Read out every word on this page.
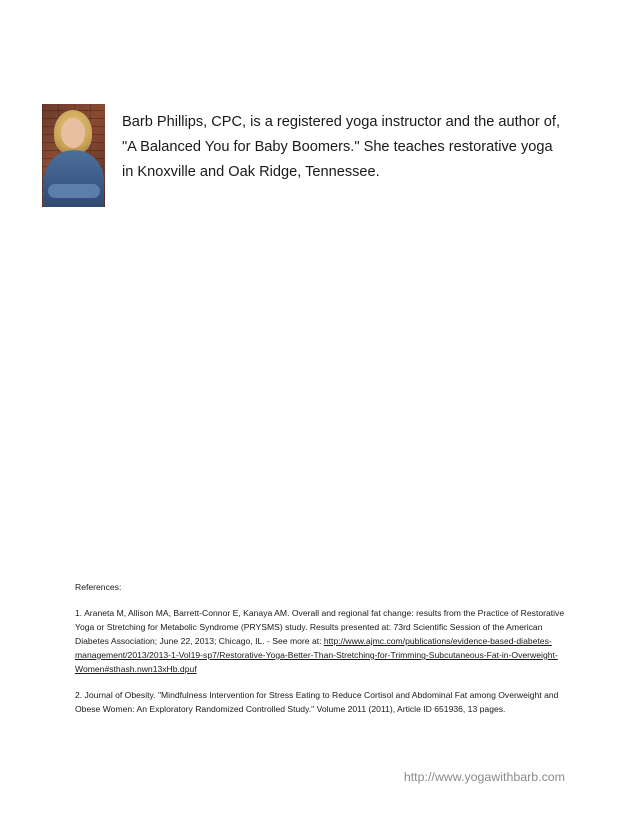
Barb Phillips, CPC, is a registered yoga instructor and the author of, "A Balanced You for Baby Boomers." She teaches restorative yoga in Knoxville and Oak Ridge, Tennessee.

References:

1. Araneta M, Allison MA, Barrett-Connor E, Kanaya AM. Overall and regional fat change: results from the Practice of Restorative Yoga or Stretching for Metabolic Syndrome (PRYSMS) study. Results presented at: 73rd Scientific Session of the American Diabetes Association; June 22, 2013; Chicago, IL. - See more at: http://www.ajmc.com/publications/evidence-based-diabetes-management/2013/2013-1-Vol19-sp7/Restorative-Yoga-Better-Than-Stretching-for-Trimming-Subcutaneous-Fat-in-Overweight-Women#sthash.nwn13xHb.dpuf

2. Journal of Obesity. "Mindfulness Intervention for Stress Eating to Reduce Cortisol and Abdominal Fat among Overweight and Obese Women: An Exploratory Randomized Controlled Study." Volume 2011 (2011), Article ID 651936, 13 pages.

http://www.yogawithbarb.com
